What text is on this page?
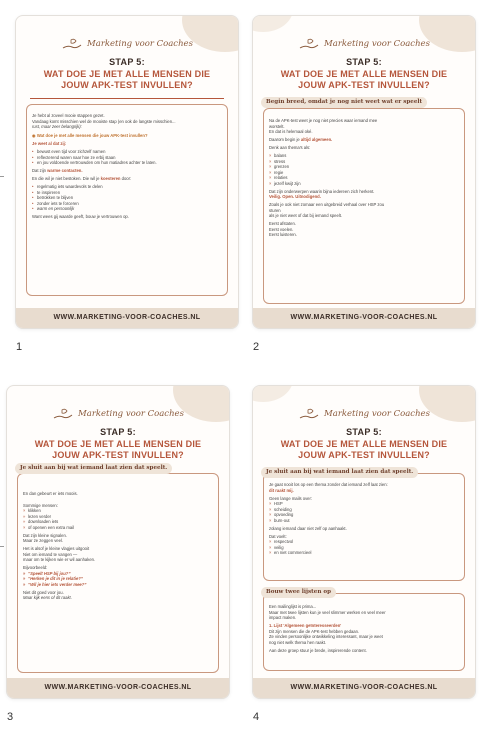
Marketing voor Coaches
STAP 5:
WAT DOE JE MET ALLE MENSEN DIE
JOUW APK-TEST INVULLEN?

Je hebt al zoveel mooie stappen gezet.
Vandaag komt misschien wel de mooiste stap (en ook de langste misschien...
rust, maar zeer belangrijk):

◉ Wat doe je met alle mensen die jouw APK-test invullen?

Je weet al dat zij:

• bewust even tijd voor zichzelf namen
• reflecterend waren naar hoe ze erbij staan
• en jou voldoende vertrouwden om hun matiadres achter te laten.

Dat zijn warme contacten.

En die wil je niet bestoken. Die wil je koesteren door:

• regelmatig iets waardevols te delen
• te inspireren
• betrokken te blijven
• zonder iets te forceren
• warm en persoonlijk

Want wees gij waarde geeft, bouw je vertrouwen op.

WWW.MARKETING-VOOR-COACHES.NL
1
Marketing voor Coaches
STAP 5:
WAT DOE JE MET ALLE MENSEN DIE
JOUW APK-TEST INVULLEN?
Begin breed, omdat je nog niet weet wat er speelt

Na de APK-test weet je nog niet precies waar iemand mee
worstelt.
En dat is helemaal oké.

Daarom begin je altijd algemeen.

Denk aan thema's als:

× balans
× stress
× grenzen
× regie
× relaties
× jezelf kwijt zijn

Dat zijn onderwerpen waarin bijna iedereen zich herkent.
Veilig. Open. Uitnodigend.

Zoals je ook niet zomaar een uitgebreid verhaal over HSP zou
sturen
als je niet weet of dat bij iemand speelt.

Eerst afstaten.
Eerst voelen.
Eerst luisteren.

WWW.MARKETING-VOOR-COACHES.NL
2
Marketing voor Coaches
STAP 5:
WAT DOE JE MET ALLE MENSEN DIE
JOUW APK-TEST INVULLEN?
Je sluit aan bij wat iemand laat zien dat speelt.

En dan gebeurt er iets moois.

Sommige mensen:

× klikken
» lezen verder
» downloaden iets
× of openen een extra mail

Dat zijn kleine signalen.
Maar ze zeggen veel.

Het is alsof je kleine vlagjes uitgooit
Niet om iemand te vangen —
maar om te kijken wie er wil aanhaken.

Bijvoorbeeld:

» “Speelt HSP bij jou?”
» “Herken je dit in je relatie?”
» “Wil je hier iets verder mee?”

Niet dit goed voor jou.
Maar kijk eens of dit raakt.

WWW.MARKETING-VOOR-COACHES.NL
3
Marketing voor Coaches
STAP 5:
WAT DOE JE MET ALLE MENSEN DIE
JOUW APK-TEST INVULLEN?
Je sluit aan bij wat iemand laat zien dat speelt.

Je gaat nooit los op een thema zonder dat iemand zelf laat zien:
dit raakt mij.

Geen lange mails over:

× HSP
× scheiding
× opvoeding
× burn-out

zolang iemand daar niet zelf op aanhaakt.

Dat voelt:

× respectvol
× veilig
× en niet commercieel
Bouw twee lijsten op

Een mailinglijst is prima...
Maar met twee lijsten kun je veel slimmer werken en veel meer
impact maken.

1. Lijst 'Algemeen geïnteresseerden'
Dit zijn mensen die de APK-test hebben gedaan.
Ze vinden persoonlijke ontwikkeling interessant, maar je weet
nog niet welk thema hen raakt.

Aan deze groep stuur je brede, inspirerende content.

WWW.MARKETING-VOOR-COACHES.NL
4
